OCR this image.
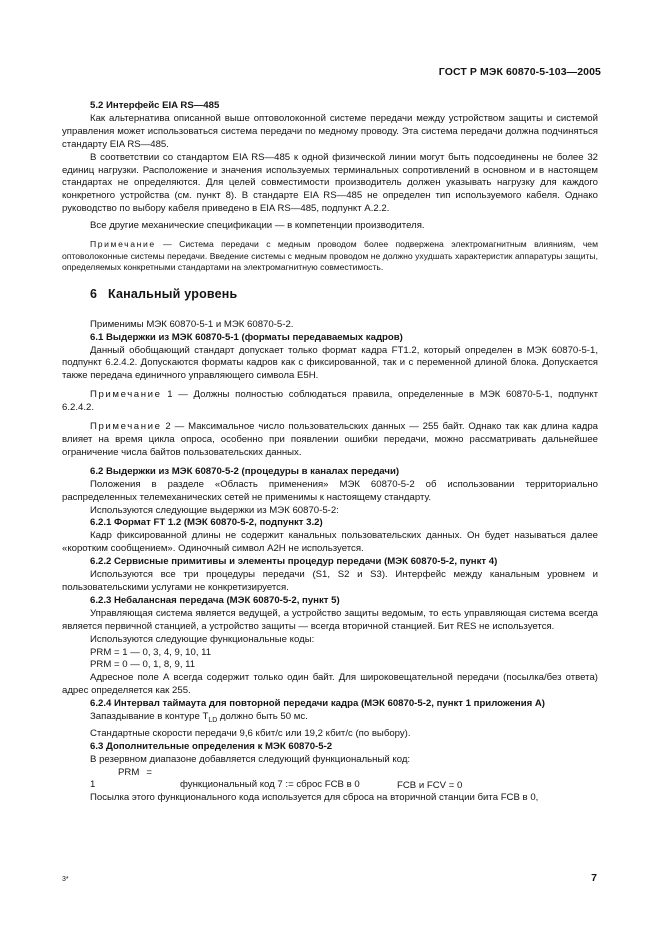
ГОСТ Р МЭК 60870-5-103—2005

5.2 Интерфейс EIA RS—485

Как альтернатива описанной выше оптоволоконной системе передачи между устройством защиты и системой управления может использоваться система передачи по медному проводу. Эта система передачи должна подчиняться стандарту EIA RS—485.

В соответствии со стандартом EIA RS—485 к одной физической линии могут быть подсоединены не более 32 единиц нагрузки. Расположение и значения используемых терминальных сопротивлений в основном и в настоящем стандартах не определяются. Для целей совместимости производитель должен указывать нагрузку для каждого конкретного устройства (см. пункт 8). В стандарте EIA RS—485 не определен тип используемого кабеля. Однако руководство по выбору кабеля приведено в EIA RS—485, подпункт А.2.2.

Все другие механические спецификации — в компетенции производителя.

Примечание — Система передачи с медным проводом более подвержена электромагнитным влияниям, чем оптоволоконные системы передачи. Введение системы с медным проводом не должно ухудшать характеристик аппаратуры защиты, определяемых конкретными стандартами на электромагнитную совместимость.

6 Канальный уровень

Применимы МЭК 60870-5-1 и МЭК 60870-5-2.

6.1 Выдержки из МЭК 60870-5-1 (форматы передаваемых кадров)

Данный обобщающий стандарт допускает только формат кадра FT1.2, который определен в МЭК 60870-5-1, подпункт 6.2.4.2. Допускаются форматы кадров как с фиксированной, так и с переменной длиной блока. Допускается также передача единичного управляющего символа E5H.

Примечание 1 — Должны полностью соблюдаться правила, определенные в МЭК 60870-5-1, подпункт 6.2.4.2.

Примечание 2 — Максимальное число пользовательских данных — 255 байт. Однако так как длина кадра влияет на время цикла опроса, особенно при появлении ошибки передачи, можно рассматривать дальнейшее ограничение числа байтов пользовательских данных.

6.2 Выдержки из МЭК 60870-5-2 (процедуры в каналах передачи)

Положения в разделе «Область применения» МЭК 60870-5-2 об использовании территориально распределенных телемеханических сетей не применимы к настоящему стандарту.

Используются следующие выдержки из МЭК 60870-5-2:

6.2.1 Формат FT 1.2 (МЭК 60870-5-2, подпункт 3.2)

Кадр фиксированной длины не содержит канальных пользовательских данных. Он будет называться далее «коротким сообщением». Одиночный символ A2H не используется.

6.2.2 Сервисные примитивы и элементы процедур передачи (МЭК 60870-5-2, пункт 4)

Используются все три процедуры передачи (S1, S2 и S3). Интерфейс между канальным уровнем и пользовательскими услугами не конкретизируется.

6.2.3 Небалансная передача (МЭК 60870-5-2, пункт 5)

Управляющая система является ведущей, а устройство защиты ведомым, то есть управляющая система всегда является первичной станцией, а устройство защиты — всегда вторичной станцией. Бит RES не используется.

Используются следующие функциональные коды:

PRM = 1 — 0, 3, 4, 9, 10, 11

PRM = 0 — 0, 1, 8, 9, 11

Адресное поле А всегда содержит только один байт. Для широковещательной передачи (посылка/без ответа) адрес определяется как 255.

6.2.4 Интервал таймаута для повторной передачи кадра (МЭК 60870-5-2, пункт 1 приложения А)

Запаздывание в контуре $T_{LD}$ должно быть 50 мс.

Стандартные скорости передачи 9,6 кбит/с или 19,2 кбит/с (по выбору).

6.3 Дополнительные определения к МЭК 60870-5-2

В резервном диапазоне добавляется следующий функциональный код:

PRM = 1	функциональный код 7 := сброс FCB в 0	FCB и FCV = 0

Посылка этого функционального кода используется для сброса на вторичной станции бита FCB в 0,

3*	7
